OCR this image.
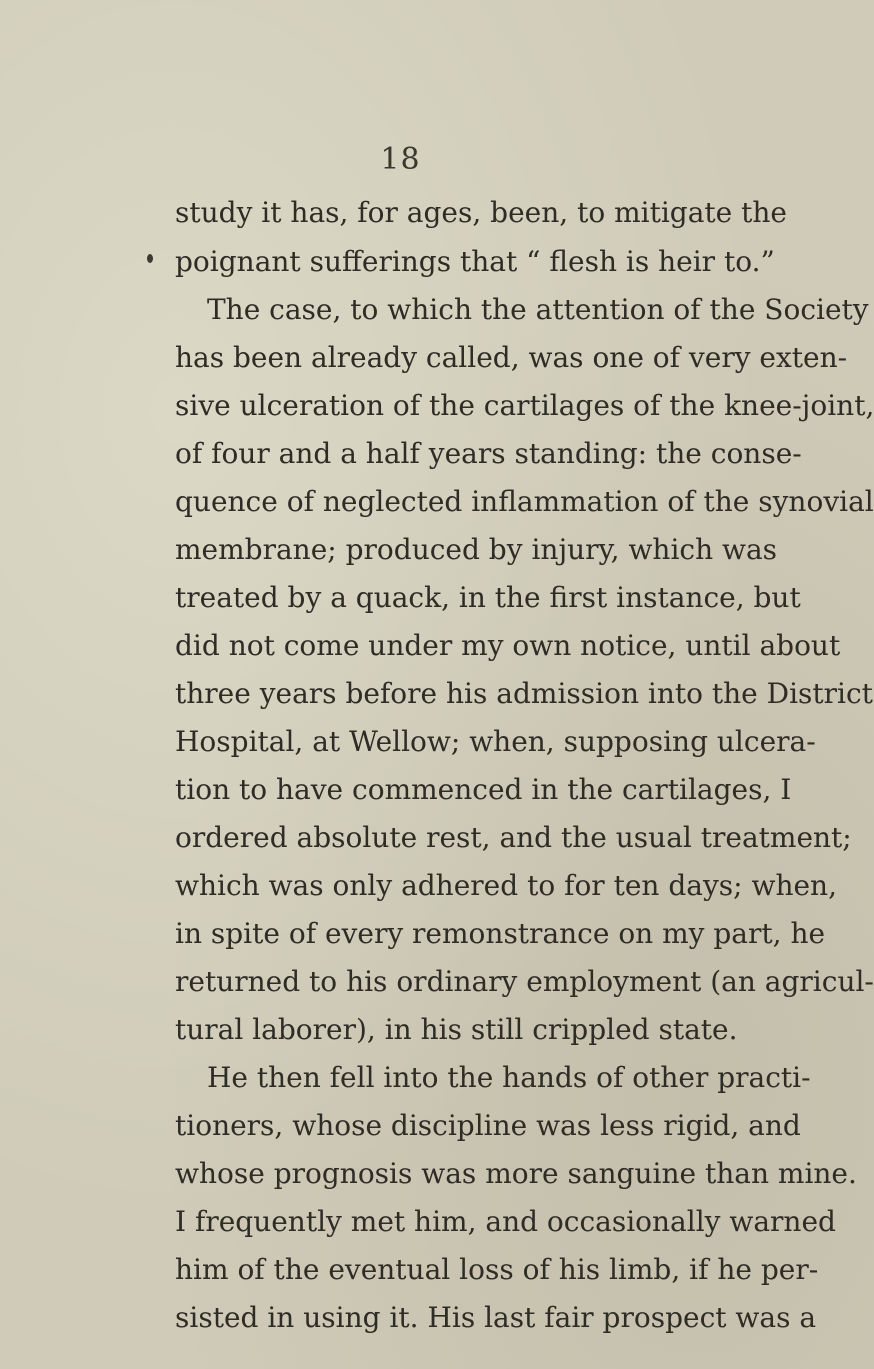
18
study it has, for ages, been, to mitigate the
poignant sufferings that “ flesh is heir to.”
The case, to which the attention of the Society
has been already called, was one of very exten-
sive ulceration of the cartilages of the knee-joint,
of four and a half years standing: the conse-
quence of neglected inflammation of the synovial
membrane; produced by injury, which was
treated by a quack, in the first instance, but
did not come under my own notice, until about
three years before his admission into the District
Hospital, at Wellow; when, supposing ulcera-
tion to have commenced in the cartilages, I
ordered absolute rest, and the usual treatment;
which was only adhered to for ten days; when,
in spite of every remonstrance on my part, he
returned to his ordinary employment (an agricul-
tural laborer), in his still crippled state.
He then fell into the hands of other practi-
tioners, whose discipline was less rigid, and
whose prognosis was more sanguine than mine.
I frequently met him, and occasionally warned
him of the eventual loss of his limb, if he per-
sisted in using it. His last fair prospect was a
